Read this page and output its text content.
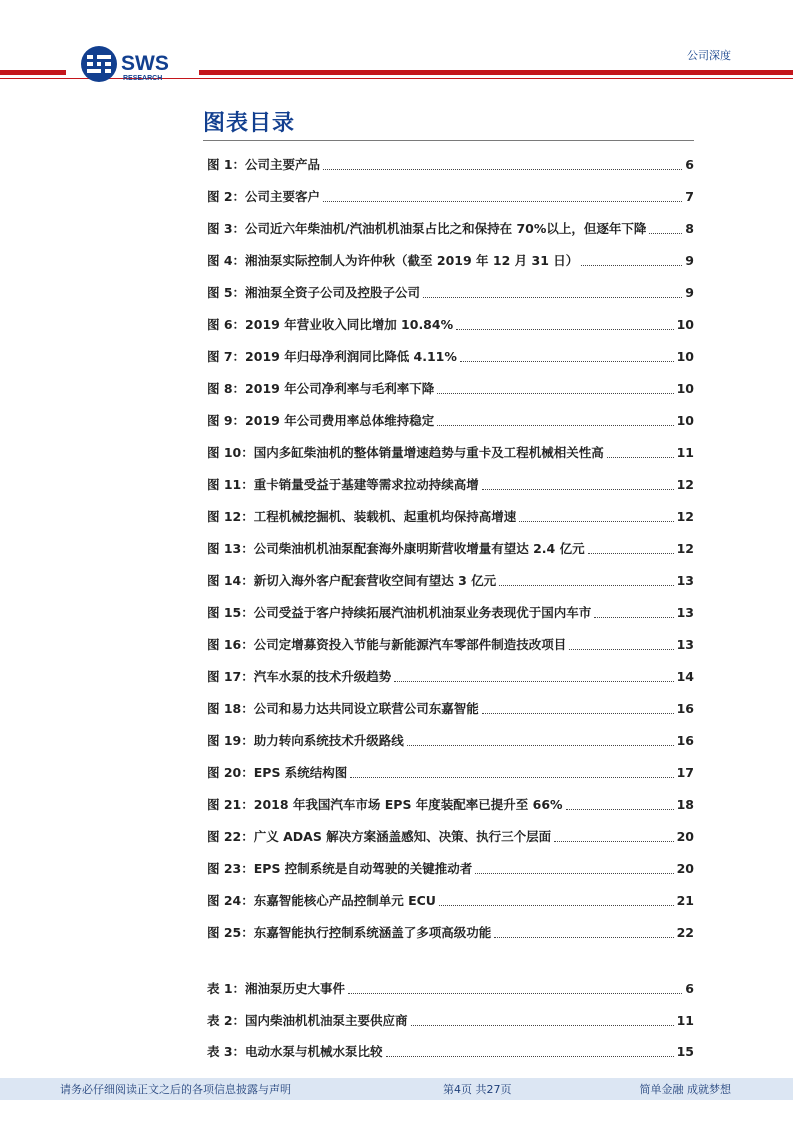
SWS
RESEARCH
公司深度
图表目录
图 1：公司主要产品	6
图 2：公司主要客户	7
图 3：公司近六年柴油机/汽油机机油泵占比之和保持在 70%以上，但逐年下降	8
图 4：湘油泵实际控制人为许仲秋（截至 2019 年 12 月 31 日）	9
图 5：湘油泵全资子公司及控股子公司	9
图 6：2019 年营业收入同比增加 10.84%	10
图 7：2019 年归母净利润同比降低 4.11%	10
图 8：2019 年公司净利率与毛利率下降	10
图 9：2019 年公司费用率总体维持稳定	10
图 10：国内多缸柴油机的整体销量增速趋势与重卡及工程机械相关性高	11
图 11：重卡销量受益于基建等需求拉动持续高增	12
图 12：工程机械挖掘机、装载机、起重机均保持高增速	12
图 13：公司柴油机机油泵配套海外康明斯营收增量有望达 2.4 亿元	12
图 14：新切入海外客户配套营收空间有望达 3 亿元	13
图 15：公司受益于客户持续拓展汽油机机油泵业务表现优于国内车市	13
图 16：公司定增募资投入节能与新能源汽车零部件制造技改项目	13
图 17：汽车水泵的技术升级趋势	14
图 18：公司和易力达共同设立联营公司东嘉智能	16
图 19：助力转向系统技术升级路线	16
图 20：EPS 系统结构图	17
图 21：2018 年我国汽车市场 EPS 年度装配率已提升至 66%	18
图 22：广义 ADAS 解决方案涵盖感知、决策、执行三个层面	20
图 23：EPS 控制系统是自动驾驶的关键推动者	20
图 24：东嘉智能核心产品控制单元 ECU	21
图 25：东嘉智能执行控制系统涵盖了多项高级功能	22
表 1：湘油泵历史大事件	6
表 2：国内柴油机机油泵主要供应商	11
表 3：电动水泵与机械水泵比较	15
请务必仔细阅读正文之后的各项信息披露与声明	第4页 共27页	简单金融 成就梦想
